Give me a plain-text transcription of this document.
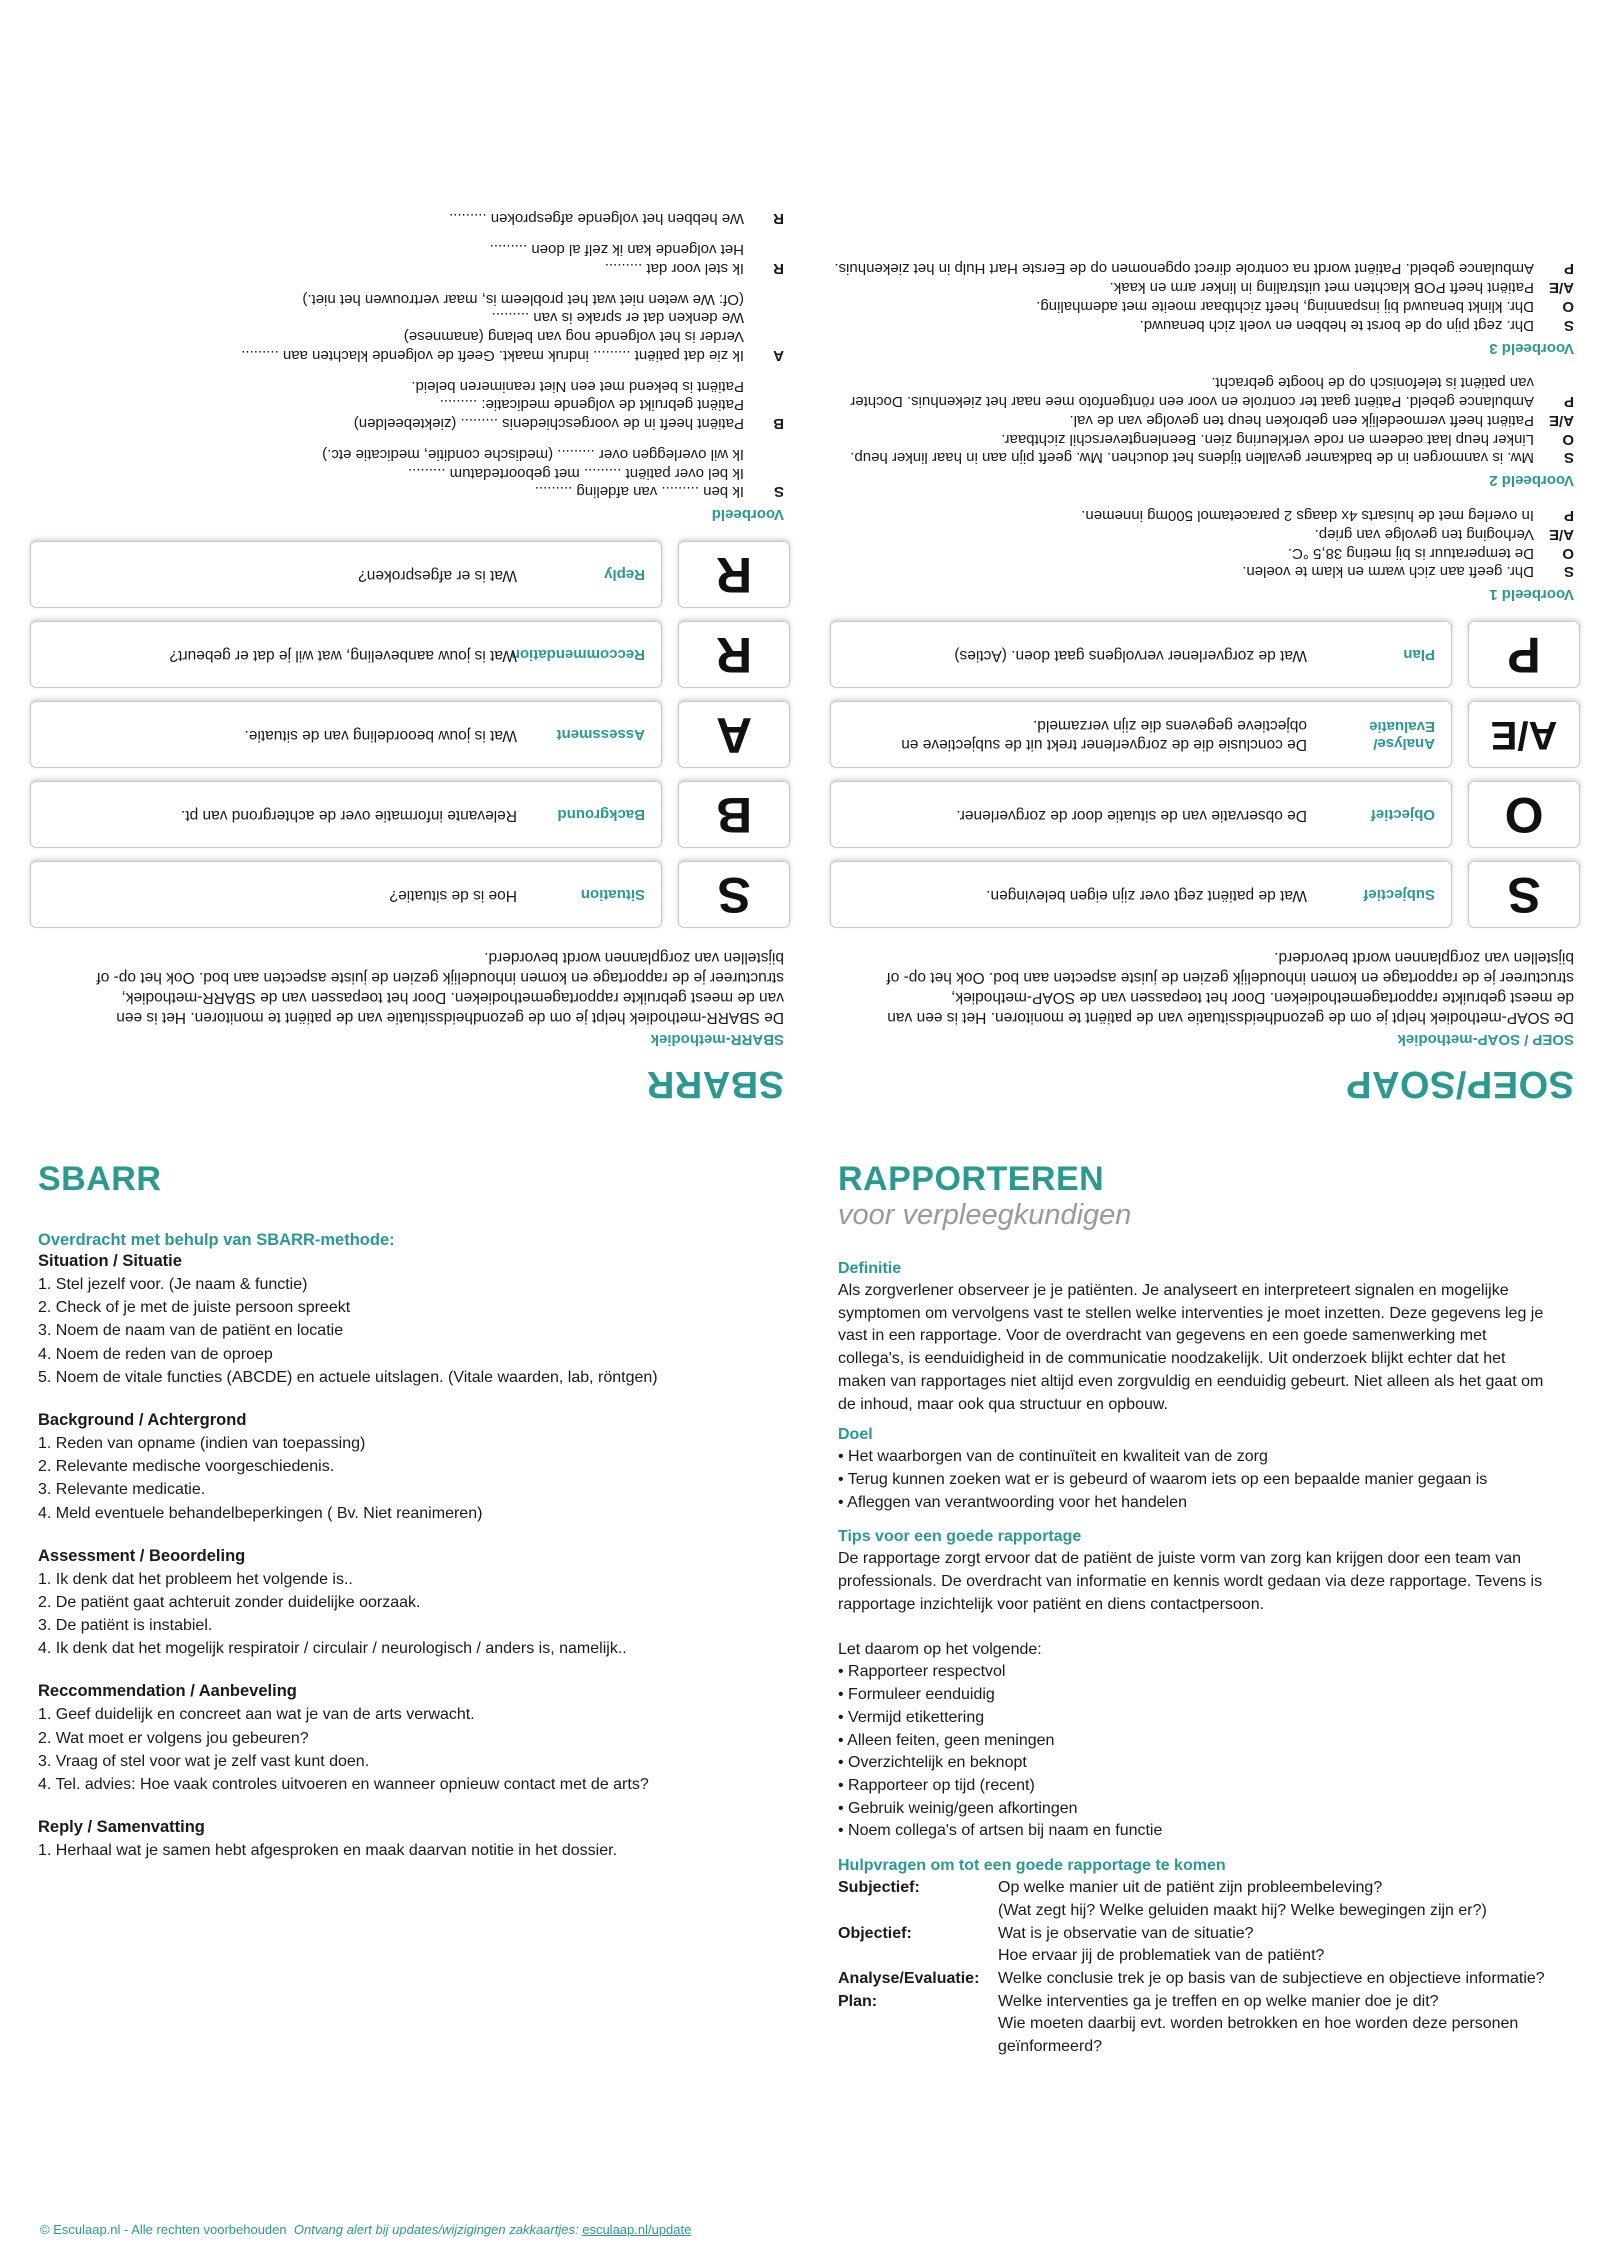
SOEP/SOAP
SOEP / SOAP-methodiek
De SOAP-methodiek helpt je om de gezondheidssituatie van de patiënt te monitoren. Het is een van de meest gebruikte rapportagemethodieken. Door het toepassen van de SOAP-methodiek, structureer je de rapportage en komen inhoudelijk gezien de juiste aspecten aan bod. Ook het op- of bijstellen van zorgplannen wordt bevorderd.
S
Subjectief
Wat de patiënt zegt over zijn eigen belevingen.
O
Objectief
De observatie van de situatie door de zorgverlener.
A/E
Analyse/ Evaluatie
De conclusie die de zorgverlener trekt uit de subjectieve en objectieve gegevens die zijn verzameld.
P
Plan
Wat de zorgverlener vervolgens gaat doen. (Acties)
Voorbeeld 1
S
Dhr. geeft aan zich warm en klam te voelen.
O
De temperatuur is bij meting 38,5 °C.
A/E
Verhoging ten gevolge van griep.
P
In overleg met de huisarts 4x daags 2 paracetamol 500mg innemen.
Voorbeeld 2
S
Mw. is vanmorgen in de badkamer gevallen tijdens het douchen. Mw. geeft pijn aan in haar linker heup.
O
Linker heup laat oedeem en rode verkleuring zien. Beenlengteverschil zichtbaar.
A/E
Patiënt heeft vermoedelijk een gebroken heup ten gevolge van de val.
P
Ambulance gebeld. Patiënt gaat ter controle en voor een röntgenfoto mee naar het ziekenhuis. Dochter van patiënt is telefonisch op de hoogte gebracht.
Voorbeeld 3
S
Dhr. zegt pijn op de borst te hebben en voelt zich benauwd.
O
Dhr. klinkt benauwd bij inspanning, heeft zichtbaar moeite met ademhaling.
A/E
Patiënt heeft POB klachten met uitstraling in linker arm en kaak.
P
Ambulance gebeld. Patiënt wordt na controle direct opgenomen op de Eerste Hart Hulp in het ziekenhuis.
SBARR
SBARR-methodiek
De SBARR-methodiek helpt je om de gezondheidssituatie van de patiënt te monitoren. Het is een van de meest gebruikte rapportagemethodieken. Door het toepassen van de SBARR-methodiek, structureer je de rapportage en komen inhoudelijk gezien de juiste aspecten aan bod. Ook het op- of bijstellen van zorgplannen wordt bevorderd.
S
Situation
Hoe is de situatie?
B
Background
Relevante informatie over de achtergrond van pt.
A
Assessment
Wat is jouw beoordeling van de situatie.
R
Reccommendation
Wat is jouw aanbeveling, wat wil je dat er gebeurt?
R
Reply
Wat is er afgesproken?
Voorbeeld
S
Ik ben ......... van afdeling .........
Ik bel over patiënt ......... met geboortedatum .........
Ik wil overleggen over ......... (medische conditie, medicatie etc.)
B
Patiënt heeft in de voorgeschiedenis ......... (ziektebeelden)
Patiënt gebruikt de volgende medicatie: .........
Patiënt is bekend met een Niet reanimeren beleid.
A
Ik zie dat patiënt ......... indruk maakt. Geeft de volgende klachten aan .........
Verder is het volgende nog van belang (anamnese)
We denken dat er sprake is van .........
(Of: We weten niet wat het probleem is, maar vertrouwen het niet.)
R
Ik stel voor dat .........
Het volgende kan ik zelf al doen .........
R
We hebben het volgende afgesproken .........
SBARR
Overdracht met behulp van SBARR-methode:
Situation / Situatie
1. Stel jezelf voor. (Je naam & functie)
2. Check of je met de juiste persoon spreekt
3. Noem de naam van de patiënt en locatie
4. Noem de reden van de oproep
5. Noem de vitale functies (ABCDE) en actuele uitslagen. (Vitale waarden, lab, röntgen)
Background / Achtergrond
1. Reden van opname (indien van toepassing)
2. Relevante medische voorgeschiedenis.
3. Relevante medicatie.
4. Meld eventuele behandelbeperkingen ( Bv. Niet reanimeren)
Assessment / Beoordeling
1. Ik denk dat het probleem het volgende is..
2. De patiënt gaat achteruit zonder duidelijke oorzaak.
3. De patiënt is instabiel.
4. Ik denk dat het mogelijk respiratoir / circulair / neurologisch / anders is, namelijk..
Reccommendation / Aanbeveling
1. Geef duidelijk en concreet aan wat je van de arts verwacht.
2. Wat moet er volgens jou gebeuren?
3. Vraag of stel voor wat je zelf vast kunt doen.
4. Tel. advies: Hoe vaak controles uitvoeren en wanneer opnieuw contact met de arts?
Reply / Samenvatting
1. Herhaal wat je samen hebt afgesproken en maak daarvan notitie in het dossier.
RAPPORTEREN
voor verpleegkundigen
Definitie
Als zorgverlener observeer je je patiënten. Je analyseert en interpreteert signalen en mogelijke symptomen om vervolgens vast te stellen welke interventies je moet inzetten. Deze gegevens leg je vast in een rapportage. Voor de overdracht van gegevens en een goede samenwerking met collega's, is eenduidigheid in de communicatie noodzakelijk. Uit onderzoek blijkt echter dat het maken van rapportages niet altijd even zorgvuldig en eenduidig gebeurt. Niet alleen als het gaat om de inhoud, maar ook qua structuur en opbouw.
Doel
• Het waarborgen van de continuïteit en kwaliteit van de zorg
• Terug kunnen zoeken wat er is gebeurd of waarom iets op een bepaalde manier gegaan is
• Afleggen van verantwoording voor het handelen
Tips voor een goede rapportage
De rapportage zorgt ervoor dat de patiënt de juiste vorm van zorg kan krijgen door een team van professionals. De overdracht van informatie en kennis wordt gedaan via deze rapportage. Tevens is rapportage inzichtelijk voor patiënt en diens contactpersoon.
Let daarom op het volgende:
• Rapporteer respectvol
• Formuleer eenduidig
• Vermijd etikettering
• Alleen feiten, geen meningen
• Overzichtelijk en beknopt
• Rapporteer op tijd (recent)
• Gebruik weinig/geen afkortingen
• Noem collega's of artsen bij naam en functie
Hulpvragen om tot een goede rapportage te komen
Subjectief:	Op welke manier uit de patiënt zijn probleembeleving?
(Wat zegt hij? Welke geluiden maakt hij? Welke bewegingen zijn er?)
Objectief:	Wat is je observatie van de situatie?
Hoe ervaar jij de problematiek van de patiënt?
Analyse/Evaluatie:	Welke conclusie trek je op basis van de subjectieve en objectieve informatie?
Plan:	Welke interventies ga je treffen en op welke manier doe je dit?
Wie moeten daarbij evt. worden betrokken en hoe worden deze personen geïnformeerd?
© Esculaap.nl - Alle rechten voorbehouden Ontvang alert bij updates/wijzigingen zakkaartjes: esculaap.nl/update
